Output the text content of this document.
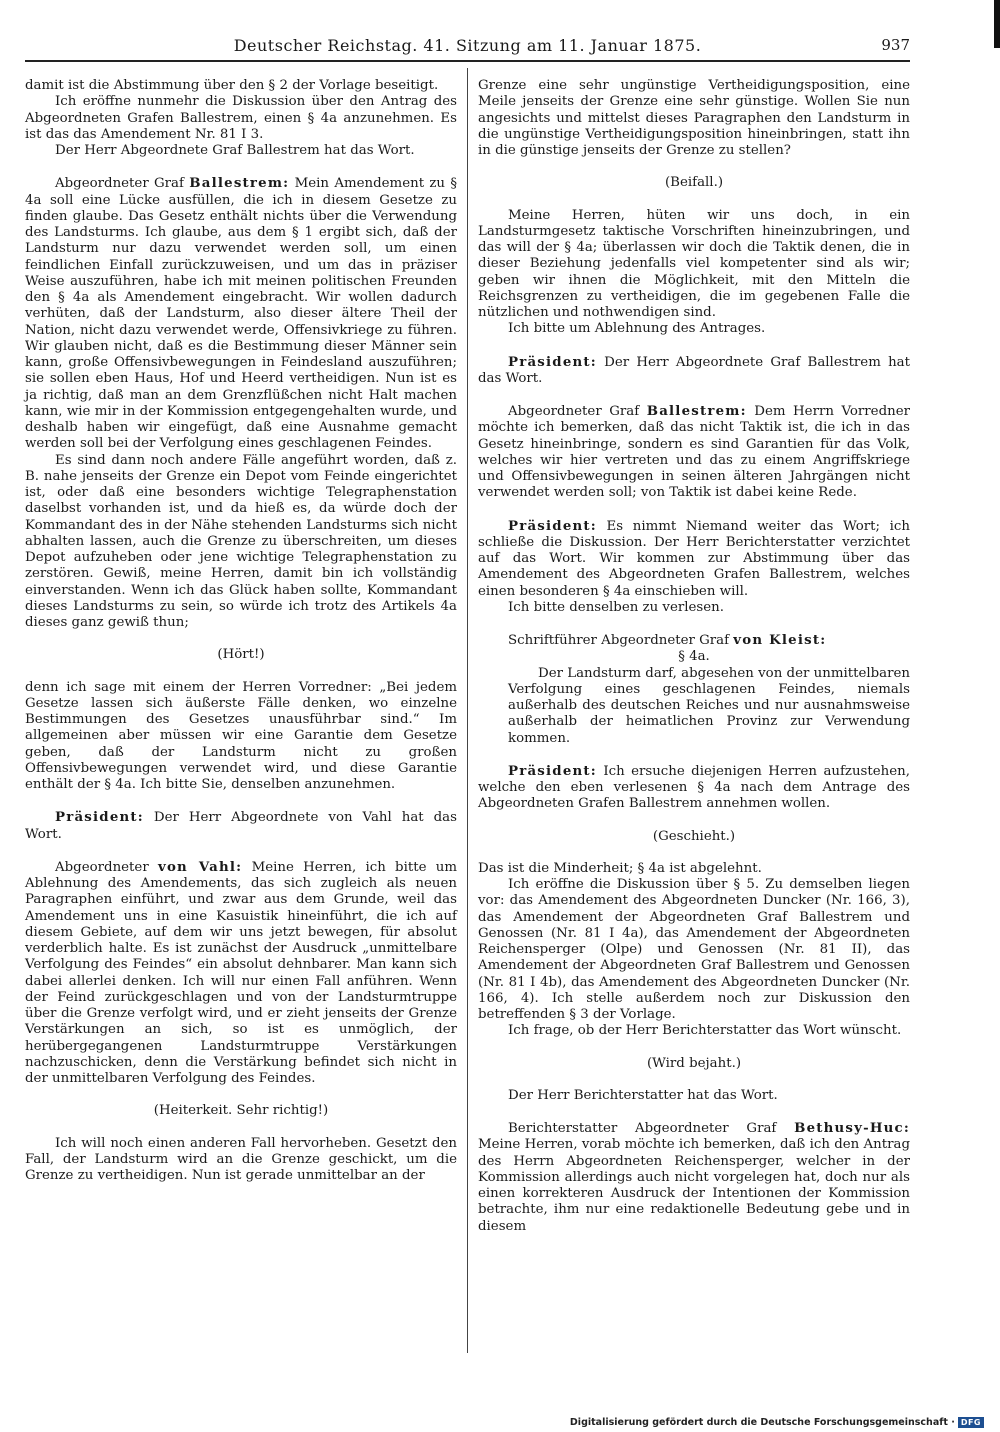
Deutscher Reichstag. 41. Sitzung am 11. Januar 1875.	937

damit ist die Abstimmung über den § 2 der Vorlage beseitigt.

Ich eröffne nunmehr die Diskussion über den Antrag des Abgeordneten Grafen Ballestrem, einen § 4a anzunehmen. Es ist das das Amendement Nr. 81 I 3.

Der Herr Abgeordnete Graf Ballestrem hat das Wort.

Abgeordneter Graf Ballestrem: Mein Amendement zu § 4a soll eine Lücke ausfüllen, die ich in diesem Gesetze zu finden glaube. Das Gesetz enthält nichts über die Verwendung des Landsturms. Ich glaube, aus dem § 1 ergibt sich, daß der Landsturm nur dazu verwendet werden soll, um einen feindlichen Einfall zurückzuweisen, und um das in präziser Weise auszuführen, habe ich mit meinen politischen Freunden den § 4a als Amendement eingebracht. Wir wollen dadurch verhüten, daß der Landsturm, also dieser ältere Theil der Nation, nicht dazu verwendet werde, Offensivkriege zu führen. Wir glauben nicht, daß es die Bestimmung dieser Männer sein kann, große Offensivbewegungen in Feindesland auszuführen; sie sollen eben Haus, Hof und Heerd vertheidigen. Nun ist es ja richtig, daß man an dem Grenzflüßchen nicht Halt machen kann, wie mir in der Kommission entgegengehalten wurde, und deshalb haben wir eingefügt, daß eine Ausnahme gemacht werden soll bei der Verfolgung eines geschlagenen Feindes.

Es sind dann noch andere Fälle angeführt worden, daß z. B. nahe jenseits der Grenze ein Depot vom Feinde eingerichtet ist, oder daß eine besonders wichtige Telegraphenstation daselbst vorhanden ist, und da hieß es, da würde doch der Kommandant des in der Nähe stehenden Landsturms sich nicht abhalten lassen, auch die Grenze zu überschreiten, um dieses Depot aufzuheben oder jene wichtige Telegraphenstation zu zerstören. Gewiß, meine Herren, damit bin ich vollständig einverstanden. Wenn ich das Glück haben sollte, Kommandant dieses Landsturms zu sein, so würde ich trotz des Artikels 4a dieses ganz gewiß thun;

(Hört!)

denn ich sage mit einem der Herren Vorredner: „Bei jedem Gesetze lassen sich äußerste Fälle denken, wo einzelne Bestimmungen des Gesetzes unausführbar sind.“ Im allgemeinen aber müssen wir eine Garantie dem Gesetze geben, daß der Landsturm nicht zu großen Offensivbewegungen verwendet wird, und diese Garantie enthält der § 4a. Ich bitte Sie, denselben anzunehmen.

Präsident: Der Herr Abgeordnete von Vahl hat das Wort.

Abgeordneter von Vahl: Meine Herren, ich bitte um Ablehnung des Amendements, das sich zugleich als neuen Paragraphen einführt, und zwar aus dem Grunde, weil das Amendement uns in eine Kasuistik hineinführt, die ich auf diesem Gebiete, auf dem wir uns jetzt bewegen, für absolut verderblich halte. Es ist zunächst der Ausdruck „unmittelbare Verfolgung des Feindes“ ein absolut dehnbarer. Man kann sich dabei allerlei denken. Ich will nur einen Fall anführen. Wenn der Feind zurückgeschlagen und von der Landsturmtruppe über die Grenze verfolgt wird, und er zieht jenseits der Grenze Verstärkungen an sich, so ist es unmöglich, der herübergegangenen Landsturmtruppe Verstärkungen nachzuschicken, denn die Verstärkung befindet sich nicht in der unmittelbaren Verfolgung des Feindes.

(Heiterkeit. Sehr richtig!)

Ich will noch einen anderen Fall hervorheben. Gesetzt den Fall, der Landsturm wird an die Grenze geschickt, um die Grenze zu vertheidigen. Nun ist gerade unmittelbar an der

Grenze eine sehr ungünstige Vertheidigungsposition, eine Meile jenseits der Grenze eine sehr günstige. Wollen Sie nun angesichts und mittelst dieses Paragraphen den Landsturm in die ungünstige Vertheidigungsposition hineinbringen, statt ihn in die günstige jenseits der Grenze zu stellen?

(Beifall.)

Meine Herren, hüten wir uns doch, in ein Landsturmgesetz taktische Vorschriften hineinzubringen, und das will der § 4a; überlassen wir doch die Taktik denen, die in dieser Beziehung jedenfalls viel kompetenter sind als wir; geben wir ihnen die Möglichkeit, mit den Mitteln die Reichsgrenzen zu vertheidigen, die im gegebenen Falle die nützlichen und nothwendigen sind.

Ich bitte um Ablehnung des Antrages.

Präsident: Der Herr Abgeordnete Graf Ballestrem hat das Wort.

Abgeordneter Graf Ballestrem: Dem Herrn Vorredner möchte ich bemerken, daß das nicht Taktik ist, die ich in das Gesetz hineinbringe, sondern es sind Garantien für das Volk, welches wir hier vertreten und das zu einem Angriffskriege und Offensivbewegungen in seinen älteren Jahrgängen nicht verwendet werden soll; von Taktik ist dabei keine Rede.

Präsident: Es nimmt Niemand weiter das Wort; ich schließe die Diskussion. Der Herr Berichterstatter verzichtet auf das Wort. Wir kommen zur Abstimmung über das Amendement des Abgeordneten Grafen Ballestrem, welches einen besonderen § 4a einschieben will.

Ich bitte denselben zu verlesen.

Schriftführer Abgeordneter Graf von Kleist:

§ 4a.

Der Landsturm darf, abgesehen von der unmittelbaren Verfolgung eines geschlagenen Feindes, niemals außerhalb des deutschen Reiches und nur ausnahmsweise außerhalb der heimatlichen Provinz zur Verwendung kommen.

Präsident: Ich ersuche diejenigen Herren aufzustehen, welche den eben verlesenen § 4a nach dem Antrage des Abgeordneten Grafen Ballestrem annehmen wollen.

(Geschieht.)

Das ist die Minderheit; § 4a ist abgelehnt.

Ich eröffne die Diskussion über § 5. Zu demselben liegen vor: das Amendement des Abgeordneten Duncker (Nr. 166, 3), das Amendement der Abgeordneten Graf Ballestrem und Genossen (Nr. 81 I 4a), das Amendement der Abgeordneten Reichensperger (Olpe) und Genossen (Nr. 81 II), das Amendement der Abgeordneten Graf Ballestrem und Genossen (Nr. 81 I 4b), das Amendement des Abgeordneten Duncker (Nr. 166, 4). Ich stelle außerdem noch zur Diskussion den betreffenden § 3 der Vorlage.

Ich frage, ob der Herr Berichterstatter das Wort wünscht.

(Wird bejaht.)

Der Herr Berichterstatter hat das Wort.

Berichterstatter Abgeordneter Graf Bethusy-Huc: Meine Herren, vorab möchte ich bemerken, daß ich den Antrag des Herrn Abgeordneten Reichensperger, welcher in der Kommission allerdings auch nicht vorgelegen hat, doch nur als einen korrekteren Ausdruck der Intentionen der Kommission betrachte, ihm nur eine redaktionelle Bedeutung gebe und in diesem

Digitalisierung gefördert durch die Deutsche Forschungsgemeinschaft · DFG
